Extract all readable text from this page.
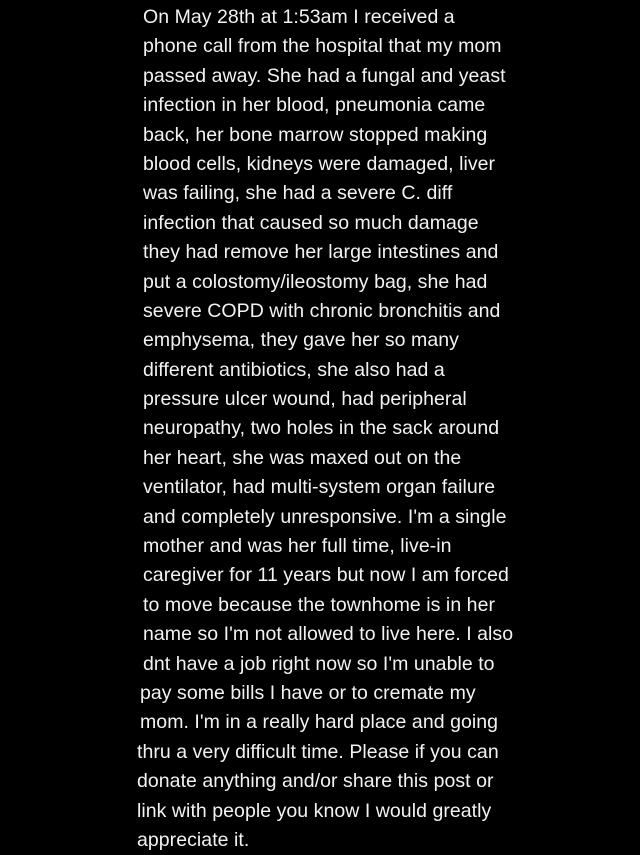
On May 28th at 1:53am I received a
phone call from the hospital that my mom
passed away. She had a fungal and yeast
infection in her blood, pneumonia came
back, her bone marrow stopped making
blood cells, kidneys were damaged, liver
was failing, she had a severe C. diff
infection that caused so much damage
they had remove her large intestines and
put a colostomy/ileostomy bag, she had
severe COPD with chronic bronchitis and
emphysema, they gave her so many
different antibiotics, she also had a
pressure ulcer wound, had peripheral
neuropathy, two holes in the sack around
her heart, she was maxed out on the
ventilator, had multi-system organ failure
and completely unresponsive. I'm a single
mother and was her full time, live-in
caregiver for 11 years but now I am forced
to move because the townhome is in her
name so I'm not allowed to live here. I also
dnt have a job right now so I'm unable to
pay some bills I have or to cremate my
mom. I'm in a really hard place and going
thru a very difficult time. Please if you can
donate anything and/or share this post or
link with people you know I would greatly
appreciate it.
